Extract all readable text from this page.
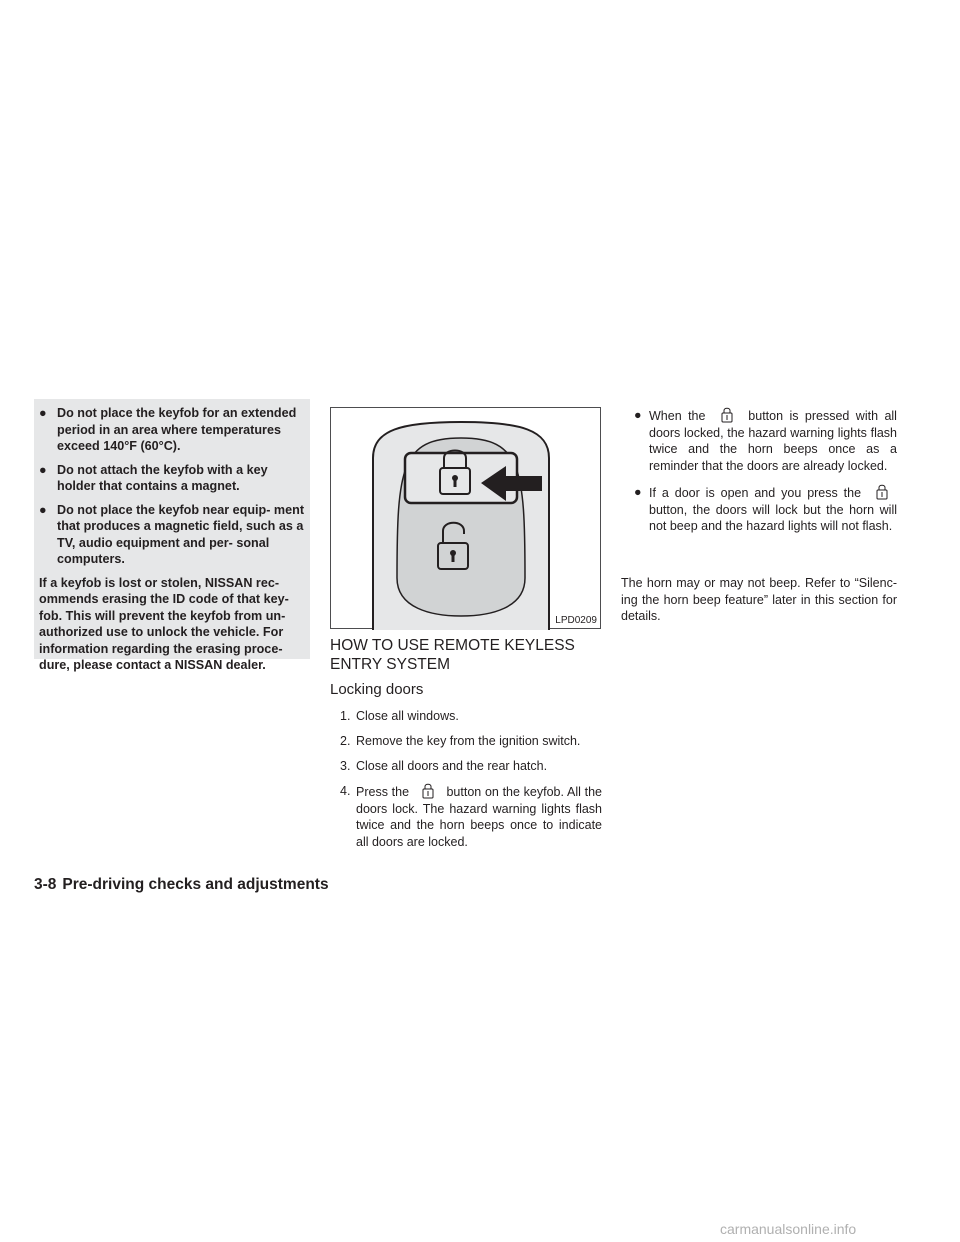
● Do not place the keyfob for an extended period in an area where temperatures exceed 140°F (60°C).
● Do not attach the keyfob with a key holder that contains a magnet.
● Do not place the keyfob near equip- ment that produces a magnetic field, such as a TV, audio equipment and per- sonal computers.
If a keyfob is lost or stolen, NISSAN rec- ommends erasing the ID code of that key- fob. This will prevent the keyfob from un- authorized use to unlock the vehicle. For information regarding the erasing proce- dure, please contact a NISSAN dealer.
LPD0209
HOW TO USE REMOTE KEYLESS ENTRY SYSTEM
Locking doors
1. Close all windows.
2. Remove the key from the ignition switch.
3. Close all doors and the rear hatch.
4. Press the	button on the keyfob. All the doors lock. The hazard warning lights flash twice and the horn beeps once to indicate all doors are locked.
● When the	button is pressed with all doors locked, the hazard warning lights flash twice and the horn beeps once as a reminder that the doors are already locked.
● If a door is open and you press the  button, the doors will lock but the horn will not beep and the hazard lights will not flash.
The horn may or may not beep. Refer to “Silenc- ing the horn beep feature” later in this section for details.
3-8 Pre-driving checks and adjustments
carmanualsonline.info
